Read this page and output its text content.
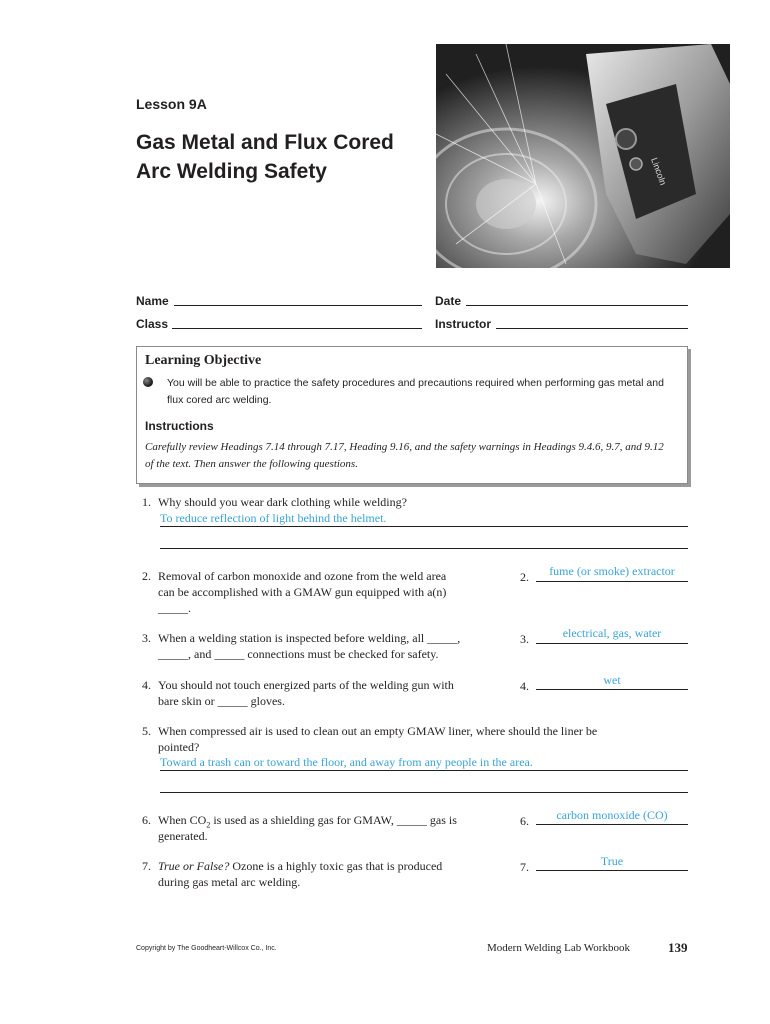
Lesson 9A
Gas Metal and Flux Cored
Arc Welding Safety	Lincoln
Name	Date
Class	Instructor
Learning Objective
You will be able to practice the safety procedures and precautions required when performing gas metal and flux cored arc welding.
Instructions
Carefully review Headings 7.14 through 7.17, Heading 9.16, and the safety warnings in Headings 9.4.6, 9.7, and 9.12 of the text. Then answer the following questions.
1. Why should you wear dark clothing while welding?
To reduce reflection of light behind the helmet.
2. Removal of carbon monoxide and ozone from the weld area
can be accomplished with a GMAW gun equipped with a(n)
_____.
2.	fume (or smoke) extractor
3. When a welding station is inspected before welding, all _____,
_____, and _____ connections must be checked for safety.
3.	electrical, gas, water
4. You should not touch energized parts of the welding gun with
bare skin or _____ gloves.
4.	wet
5. When compressed air is used to clean out an empty GMAW liner, where should the liner be
pointed?
Toward a trash can or toward the floor, and away from any people in the area.
6. When $CO_2$ is used as a shielding gas for GMAW, _____ gas is
generated.
6.	carbon monoxide (CO)
7. True or False? Ozone is a highly toxic gas that is produced
during gas metal arc welding.
7.	True
Copyright by The Goodheart-Willcox Co., Inc.	Modern Welding Lab Workbook	139
